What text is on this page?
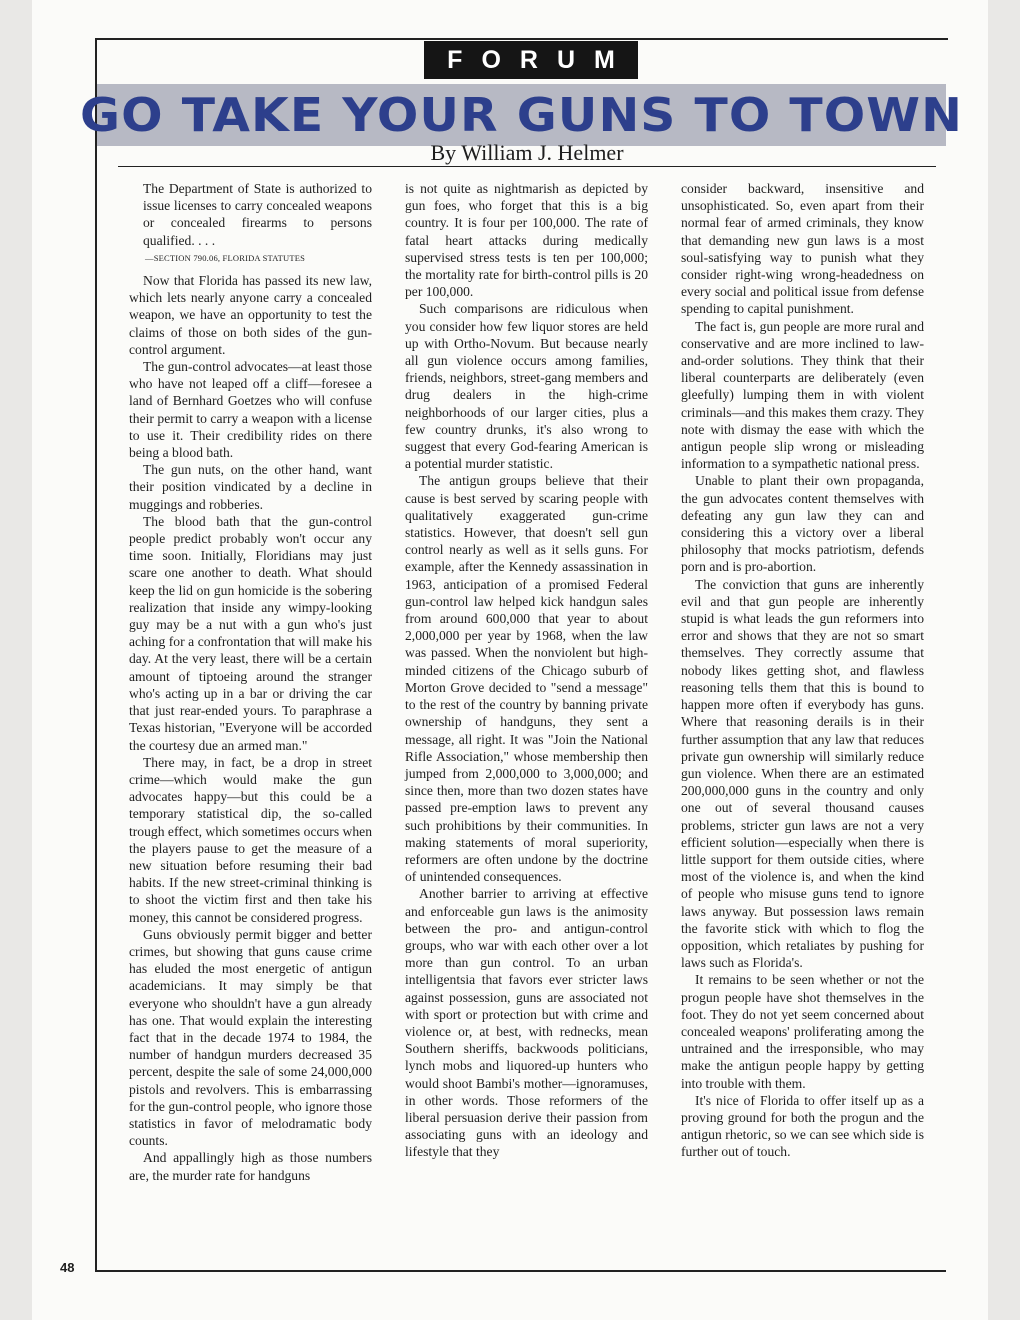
FORUM
GO TAKE YOUR GUNS TO TOWN
By William J. Helmer

The Department of State is authorized to issue licenses to carry concealed weapons or concealed firearms to persons qualified. . . .

—SECTION 790.06, FLORIDA STATUTES

Now that Florida has passed its new law, which lets nearly anyone carry a concealed weapon, we have an opportunity to test the claims of those on both sides of the gun-control argument.

The gun-control advocates—at least those who have not leaped off a cliff—foresee a land of Bernhard Goetzes who will confuse their permit to carry a weapon with a license to use it. Their credibility rides on there being a blood bath.

The gun nuts, on the other hand, want their position vindicated by a decline in muggings and robberies.

The blood bath that the gun-control people predict probably won't occur any time soon. Initially, Floridians may just scare one another to death. What should keep the lid on gun homicide is the sobering realization that inside any wimpy-looking guy may be a nut with a gun who's just aching for a confrontation that will make his day. At the very least, there will be a certain amount of tiptoeing around the stranger who's acting up in a bar or driving the car that just rear-ended yours. To paraphrase a Texas historian, "Everyone will be accorded the courtesy due an armed man."

There may, in fact, be a drop in street crime—which would make the gun advocates happy—but this could be a temporary statistical dip, the so-called trough effect, which sometimes occurs when the players pause to get the measure of a new situation before resuming their bad habits. If the new street-criminal thinking is to shoot the victim first and then take his money, this cannot be considered progress.

Guns obviously permit bigger and better crimes, but showing that guns cause crime has eluded the most energetic of antigun academicians. It may simply be that everyone who shouldn't have a gun already has one. That would explain the interesting fact that in the decade 1974 to 1984, the number of handgun murders decreased 35 percent, despite the sale of some 24,000,000 pistols and revolvers. This is embarrassing for the gun-control people, who ignore those statistics in favor of melodramatic body counts.

And appallingly high as those numbers are, the murder rate for handguns

is not quite as nightmarish as depicted by gun foes, who forget that this is a big country. It is four per 100,000. The rate of fatal heart attacks during medically supervised stress tests is ten per 100,000; the mortality rate for birth-control pills is 20 per 100,000.

Such comparisons are ridiculous when you consider how few liquor stores are held up with Ortho-Novum. But because nearly all gun violence occurs among families, friends, neighbors, street-gang members and drug dealers in the high-crime neighborhoods of our larger cities, plus a few country drunks, it's also wrong to suggest that every God-fearing American is a potential murder statistic.

The antigun groups believe that their cause is best served by scaring people with qualitatively exaggerated gun-crime statistics. However, that doesn't sell gun control nearly as well as it sells guns. For example, after the Kennedy assassination in 1963, anticipation of a promised Federal gun-control law helped kick handgun sales from around 600,000 that year to about 2,000,000 per year by 1968, when the law was passed. When the nonviolent but high-minded citizens of the Chicago suburb of Morton Grove decided to "send a message" to the rest of the country by banning private ownership of handguns, they sent a message, all right. It was "Join the National Rifle Association," whose membership then jumped from 2,000,000 to 3,000,000; and since then, more than two dozen states have passed pre-emption laws to prevent any such prohibitions by their communities. In making statements of moral superiority, reformers are often undone by the doctrine of unintended consequences.

Another barrier to arriving at effective and enforceable gun laws is the animosity between the pro- and antigun-control groups, who war with each other over a lot more than gun control. To an urban intelligentsia that favors ever stricter laws against possession, guns are associated not with sport or protection but with crime and violence or, at best, with rednecks, mean Southern sheriffs, backwoods politicians, lynch mobs and liquored-up hunters who would shoot Bambi's mother—ignoramuses, in other words. Those reformers of the liberal persuasion derive their passion from associating guns with an ideology and lifestyle that they

consider backward, insensitive and unsophisticated. So, even apart from their normal fear of armed criminals, they know that demanding new gun laws is a most soul-satisfying way to punish what they consider right-wing wrong-headedness on every social and political issue from defense spending to capital punishment.

The fact is, gun people are more rural and conservative and are more inclined to law-and-order solutions. They think that their liberal counterparts are deliberately (even gleefully) lumping them in with violent criminals—and this makes them crazy. They note with dismay the ease with which the antigun people slip wrong or misleading information to a sympathetic national press.

Unable to plant their own propaganda, the gun advocates content themselves with defeating any gun law they can and considering this a victory over a liberal philosophy that mocks patriotism, defends porn and is pro-abortion.

The conviction that guns are inherently evil and that gun people are inherently stupid is what leads the gun reformers into error and shows that they are not so smart themselves. They correctly assume that nobody likes getting shot, and flawless reasoning tells them that this is bound to happen more often if everybody has guns. Where that reasoning derails is in their further assumption that any law that reduces private gun ownership will similarly reduce gun violence. When there are an estimated 200,000,000 guns in the country and only one out of several thousand causes problems, stricter gun laws are not a very efficient solution—especially when there is little support for them outside cities, where most of the violence is, and when the kind of people who misuse guns tend to ignore laws anyway. But possession laws remain the favorite stick with which to flog the opposition, which retaliates by pushing for laws such as Florida's.

It remains to be seen whether or not the progun people have shot themselves in the foot. They do not yet seem concerned about concealed weapons' proliferating among the untrained and the irresponsible, who may make the antigun people happy by getting into trouble with them.

It's nice of Florida to offer itself up as a proving ground for both the progun and the antigun rhetoric, so we can see which side is further out of touch.

48
